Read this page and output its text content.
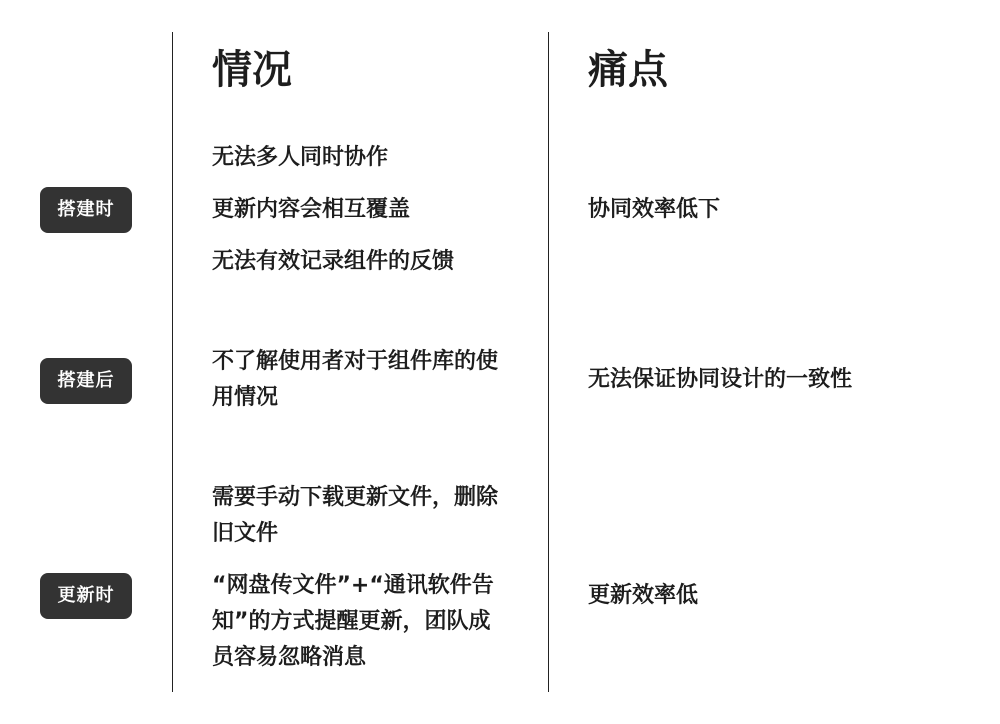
情况	痛点
搭建时
无法多人同时协作
更新内容会相互覆盖
无法有效记录组件的反馈
协同效率低下
搭建后
不了解使用者对于组件库的使用情况
无法保证协同设计的一致性
更新时
需要手动下载更新文件，删除旧文件
“网盘传文件”+“通讯软件告知”的方式提醒更新，团队成员容易忽略消息
更新效率低
